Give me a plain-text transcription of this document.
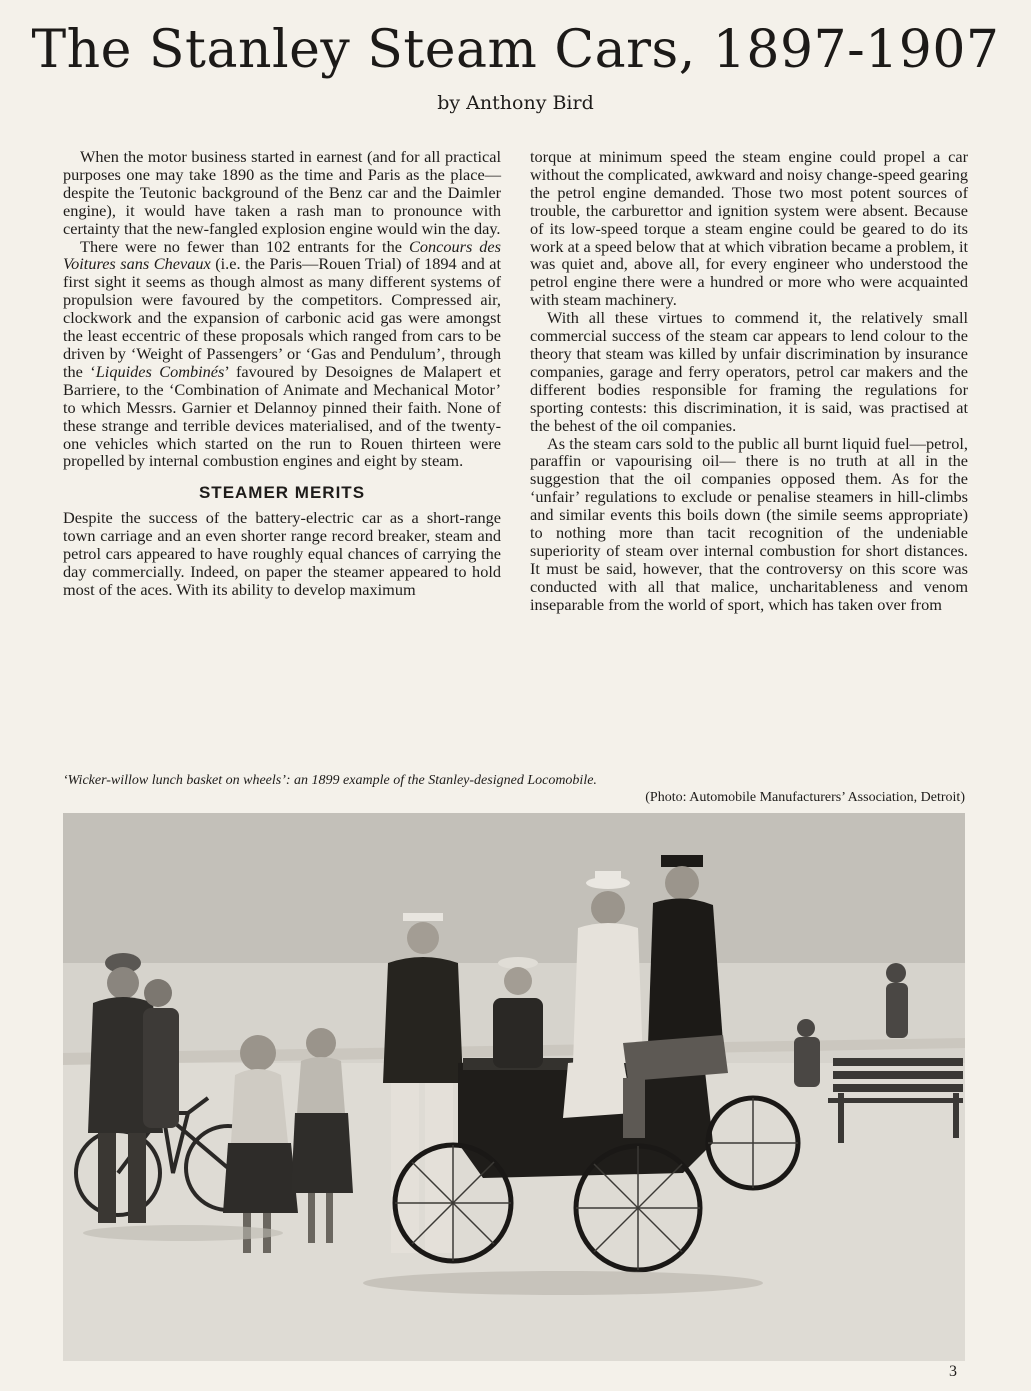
The Stanley Steam Cars, 1897-1907
by Anthony Bird

When the motor business started in earnest (and for all practical purposes one may take 1890 as the time and Paris as the place—despite the Teutonic background of the Benz car and the Daimler engine), it would have taken a rash man to pronounce with certainty that the new-fangled explosion engine would win the day.

There were no fewer than 102 entrants for the Concours des Voitures sans Chevaux (i.e. the Paris—Rouen Trial) of 1894 and at first sight it seems as though almost as many different systems of propulsion were favoured by the competitors. Compressed air, clockwork and the expansion of carbonic acid gas were amongst the least eccentric of these proposals which ranged from cars to be driven by ‘Weight of Passengers’ or ‘Gas and Pendulum’, through the ‘Liquides Combinés’ favoured by Desoignes de Malapert et Barriere, to the ‘Combination of Animate and Mechanical Motor’ to which Messrs. Garnier et Delannoy pinned their faith. None of these strange and terrible devices materialised, and of the twenty-one vehicles which started on the run to Rouen thirteen were propelled by internal combustion engines and eight by steam.

STEAMER MERITS

Despite the success of the battery-electric car as a short-range town carriage and an even shorter range record breaker, steam and petrol cars appeared to have roughly equal chances of carrying the day commercially. Indeed, on paper the steamer appeared to hold most of the aces. With its ability to develop maximum

torque at minimum speed the steam engine could propel a car without the complicated, awkward and noisy change-speed gearing the petrol engine demanded. Those two most potent sources of trouble, the carburettor and ignition system were absent. Because of its low-speed torque a steam engine could be geared to do its work at a speed below that at which vibration became a problem, it was quiet and, above all, for every engineer who understood the petrol engine there were a hundred or more who were acquainted with steam machinery.

With all these virtues to commend it, the relatively small commercial success of the steam car appears to lend colour to the theory that steam was killed by unfair discrimination by insurance companies, garage and ferry operators, petrol car makers and the different bodies responsible for framing the regulations for sporting contests: this discrimination, it is said, was practised at the behest of the oil companies.

As the steam cars sold to the public all burnt liquid fuel—petrol, paraffin or vapourising oil— there is no truth at all in the suggestion that the oil companies opposed them. As for the ‘unfair’ regulations to exclude or penalise steamers in hill-climbs and similar events this boils down (the simile seems appropriate) to nothing more than tacit recognition of the undeniable superiority of steam over internal combustion for short distances. It must be said, however, that the controversy on this score was conducted with all that malice, uncharitableness and venom inseparable from the world of sport, which has taken over from

‘Wicker-willow lunch basket on wheels’: an 1899 example of the Stanley-designed Locomobile.
(Photo: Automobile Manufacturers’ Association, Detroit)
3
